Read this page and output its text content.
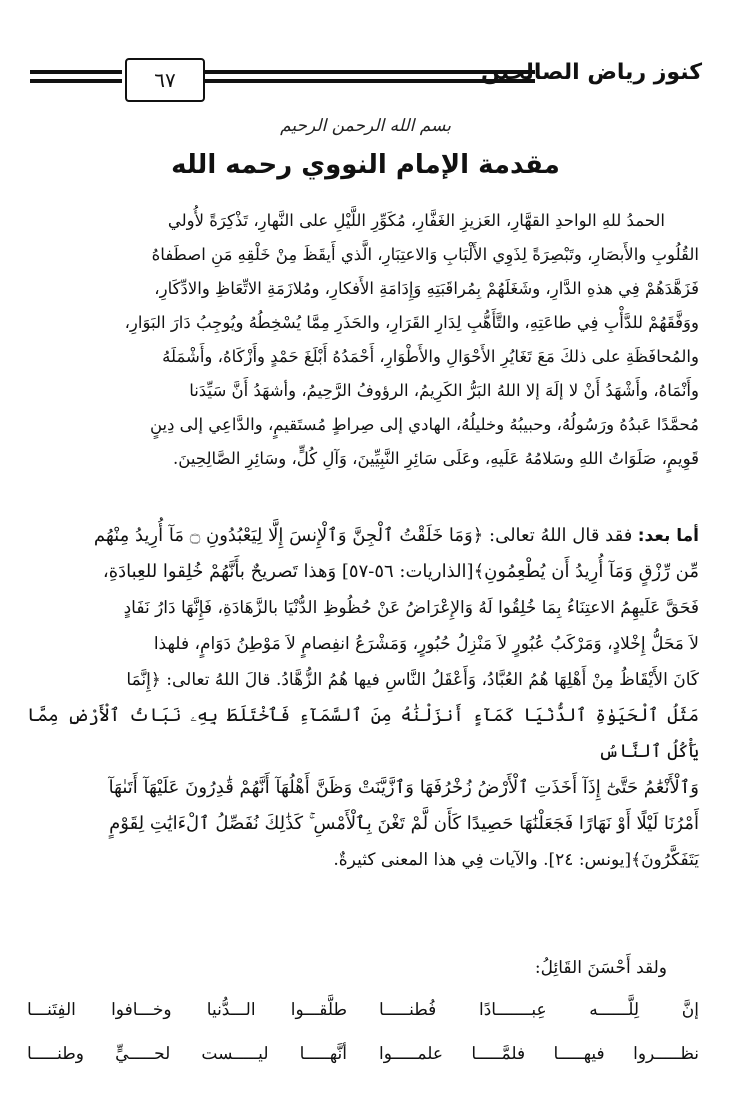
٦٧	كنوز رياض الصالحين
بسم الله الرحمن الرحيم
مقدمة الإمام النووي رحمه الله

الحمدُ للهِ الواحدِ القهَّارِ، العَزيزِ الغَفَّارِ، مُكَوِّرِ اللَّيْلِ على النَّهارِ، تَذْكِرَةً لأُولي

القُلُوبِ والأَبصَارِ، وتَبْصِرَةً لِذَوِي الأَلْبَابِ وَالاعتِبَارِ، الَّذي أَيقَظَ مِنْ خَلْقِهِ مَنِ اصطَفاهُ

فَزَهَّدَهُمْ فِي هذهِ الدَّارِ، وشَغَلَهُمْ بِمُراقَبَتِهِ وَإِدَامَةِ الأَفكارِ، ومُلازَمَةِ الاتِّعَاظِ والادِّكَارِ،

ووَفَّقَهُمْ للدَّأْبِ فِي طاعَتِهِ، والتَّأَهُّبِ لِدَارِ القَرَارِ، والحَذَرِ مِمَّا يُسْخِطُهُ ويُوجِبُ دَارَ البَوَارِ،

والمُحافَظَةِ على ذلكَ مَعَ تَغَايُرِ الأَحْوَالِ والأَطْوَارِ، أَحْمَدُهُ أَبْلَغَ حَمْدٍ وأَزْكَاهُ، وأَشْمَلَهُ

وأَنْمَاهُ، وأَشْهَدُ أَنْ لا إلَهَ إلا اللهُ البَرُّ الكَرِيمُ، الرؤوفُ الرَّحِيمُ، وأشهَدُ أَنَّ سَيِّدَنا

مُحمَّدًا عَبدُهُ ورَسُولُهُ، وحبيبُهُ وخليلُهُ، الهادي إلى صِراطٍ مُستَقيمٍ، والدَّاعِي إلى دِينٍ

قَوِيمٍ، صَلَوَاتُ اللهِ وسَلامُهُ عَلَيهِ، وعَلَى سَائِرِ النَّبِيِّينَ، وَآلِ كُلٍّ، وسَائِرِ الصَّالِحِينَ.

أما بعد: فقد قال اللهُ تعالى: ﴿وَمَا خَلَقْتُ ٱلْجِنَّ وَٱلْإِنسَ إِلَّا لِيَعْبُدُونِ ۝ مَآ أُرِيدُ مِنْهُم

مِّن رِّزْقٍ وَمَآ أُرِيدُ أَن يُطْعِمُونِ﴾[الذاريات: ٥٦-٥٧] وَهذا تَصريحٌ بأَنَّهُمْ خُلِقوا للعِبادَةِ،

فَحَقَّ عَلَيهِمُ الاعتِنَاءُ بِمَا خُلِقُوا لَهُ وَالإِعْرَاضُ عَنْ حُظُوظِ الدُّنْيَا بالزَّهَادَةِ، فَإِنَّهَا دَارُ نَفَادٍ

لاَ مَحَلُّ إِخْلادٍ، وَمَرْكَبُ عُبُورٍ لاَ مَنْزِلُ حُبُورٍ، وَمَشْرَعُ انفِصامٍ لاَ مَوْطِنُ دَوَامٍ، فلهذا

كَانَ الأَيْقَاظُ مِنْ أَهْلِهَا هُمُ العُبَّادُ، وَأَعْقَلُ النَّاسِ فيها هُمُ الزُّهَّادُ. قالَ اللهُ تعالى: ﴿إِنَّمَا

مَثَلُ ٱلْحَيَوٰةِ ٱلدُّنْيَا كَمَآءٍ أَنزَلْنَٰهُ مِنَ ٱلسَّمَآءِ فَٱخْتَلَطَ بِهِۦ نَبَاتُ ٱلْأَرْضِ مِمَّا يَأْكُلُ ٱلنَّاسُ

وَٱلْأَنْعَٰمُ حَتَّىٰٓ إِذَآ أَخَذَتِ ٱلْأَرْضُ زُخْرُفَهَا وَٱزَّيَّنَتْ وَظَنَّ أَهْلُهَآ أَنَّهُمْ قَٰدِرُونَ عَلَيْهَآ أَتَىٰهَآ

أَمْرُنَا لَيْلًا أَوْ نَهَارًا فَجَعَلْنَٰهَا حَصِيدًا كَأَن لَّمْ تَغْنَ بِٱلْأَمْسِ ۚ كَذَٰلِكَ نُفَصِّلُ ٱلْءَايَٰتِ لِقَوْمٍ

يَتَفَكَّرُونَ﴾[يونس: ٢٤]. والآيات فِي هذا المعنى كثيرةٌ.

ولقد أَحْسَنَ القَائِلُ:
إنَّ لِلَّــــــه عِبـــــــادًا فُطنـــــا
طلَّقـــوا الـــدُّنيا وخـــافوا الفِتَنـــا
نظـــــروا فيهـــــا فلمَّـــــا علمـــــوا
أنَّهـــــا ليـــــست لحـــــيٍّ وطنـــــا
